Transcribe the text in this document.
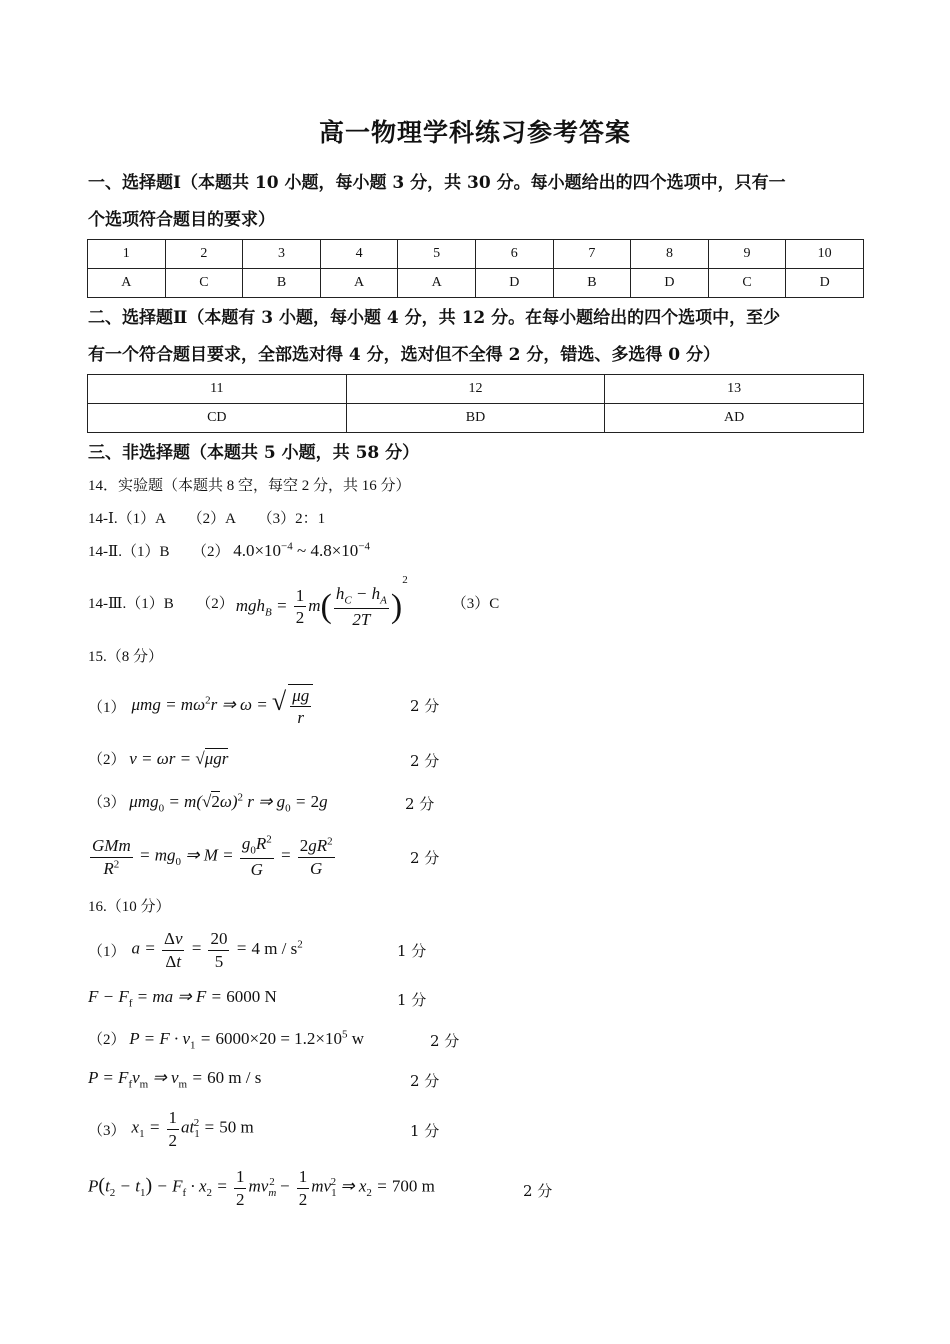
高一物理学科练习参考答案
一、选择题Ⅰ（本题共 10 小题，每小题 3 分，共 30 分。每小题给出的四个选项中，只有一
个选项符合题目的要求）
1	2	3	4	5	6	7	8	9	10
A	C	B	A	A	D	B	D	C	D
二、选择题Ⅱ（本题有 3 小题，每小题 4 分，共 12 分。在每小题给出的四个选项中，至少
有一个符合题目要求，全部选对得 4 分，选对但不全得 2 分，错选、多选得 0 分）
11	12	13
CD	BD	AD
三、非选择题（本题共 5 小题，共 58 分）
14．实验题（本题共 8 空，每空 2 分，共 16 分）
14-Ⅰ.（1）A　　（2）A　　（3）2：1
14-Ⅱ.（1）B　　（2） $4.0\times 10^{-4}$ ~ $4.8\times 10^{-4}$
14-Ⅲ.（1）B　　（2） $mgh_B = \frac{1}{2} m( \frac{h_C - h_A}{2T} )^2$
（3）C
15.（8 分）
（1） $\mu mg = m\omega^2r$ ⇒ ω = √ $\frac{\mu g}{r}$	2 分
（2） v = ωr = √μgr	2 分
（3） $\mu mg_0 = m(√2\omega)^2$ r ⇒ $g_0 = 2g$	2 分
$\frac{\text{GMm}}{R^2} = mg_0$ ⇒ $M = \frac{g_0R^2}{G} = \frac{2gR^2}{G}$	2 分
16.（10 分）
（1） $a = \frac{\Delta v}{\Delta t} = \frac{20}{5} = 4$ m / $s^2$	1 分
$F - F_f$ = ma ⇒ F = 6000 N	1 分
（2） $P = F \cdot v_1 = 6000\times 20 = 1.2\times 10^5$ w	2 分
$P = F_fv_m$ ⇒ $v_m = 60$ m / s	2 分
（3） $x_1 = \frac{1}{2} at_1^2 = 50$ m	1 分
$P(t_2 - t_1) - F_f \cdot x_2 = \frac{1}{2} mv_m^2 - \frac{1}{2} mv_1^2$ ⇒ $x_2 = 700$ m	2 分
